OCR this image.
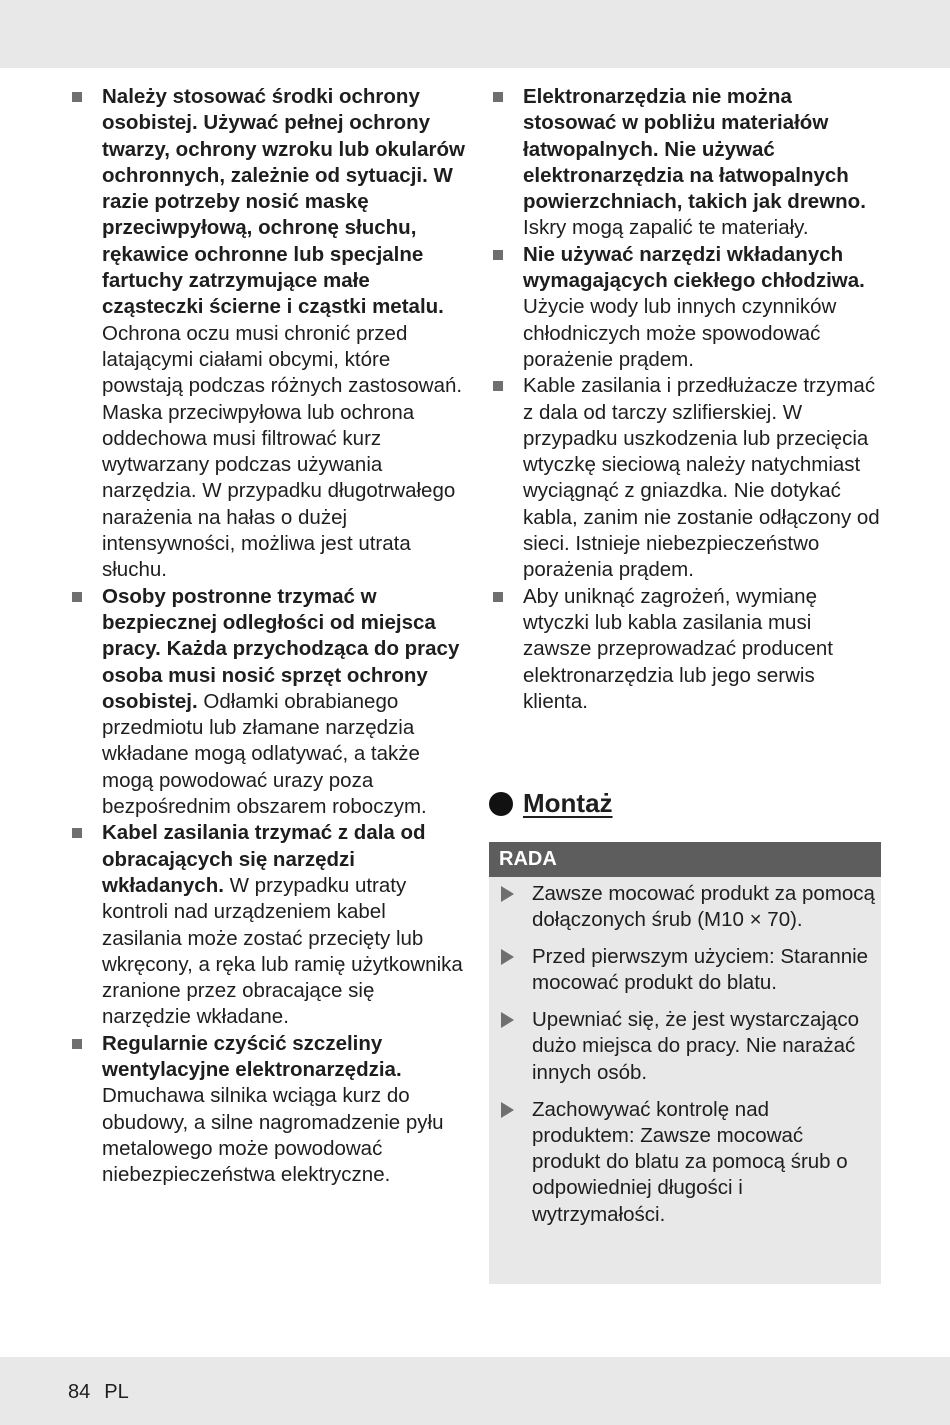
Należy stosować środki ochrony osobistej. Używać pełnej ochrony twarzy, ochrony wzroku lub okularów ochronnych, zależnie od sytuacji. W razie potrzeby nosić maskę przeciwpyłową, ochronę słuchu, rękawice ochronne lub specjalne fartuchy zatrzymujące małe cząsteczki ścierne i cząstki metalu. Ochrona oczu musi chronić przed latającymi ciałami obcymi, które powstają podczas różnych zastosowań. Maska przeciwpyłowa lub ochrona oddechowa musi filtrować kurz wytwarzany podczas używania narzędzia. W przypadku długotrwałego narażenia na hałas o dużej intensywności, możliwa jest utrata słuchu.
Osoby postronne trzymać w bezpiecznej odległości od miejsca pracy. Każda przychodząca do pracy osoba musi nosić sprzęt ochrony osobistej. Odłamki obrabianego przedmiotu lub złamane narzędzia wkładane mogą odlatywać, a także mogą powodować urazy poza bezpośrednim obszarem roboczym.
Kabel zasilania trzymać z dala od obracających się narzędzi wkładanych. W przypadku utraty kontroli nad urządzeniem kabel zasilania może zostać przecięty lub wkręcony, a ręka lub ramię użytkownika zranione przez obracające się narzędzie wkładane.
Regularnie czyścić szczeliny wentylacyjne elektronarzędzia. Dmuchawa silnika wciąga kurz do obudowy, a silne nagromadzenie pyłu metalowego może powodować niebezpieczeństwa elektryczne.
Elektronarzędzia nie można stosować w pobliżu materiałów łatwopalnych. Nie używać elektronarzędzia na łatwopalnych powierzchniach, takich jak drewno. Iskry mogą zapalić te materiały.
Nie używać narzędzi wkładanych wymagających ciekłego chłodziwa. Użycie wody lub innych czynników chłodniczych może spowodować porażenie prądem.
Kable zasilania i przedłużacze trzymać z dala od tarczy szlifierskiej. W przypadku uszkodzenia lub przecięcia wtyczkę sieciową należy natychmiast wyciągnąć z gniazdka. Nie dotykać kabla, zanim nie zostanie odłączony od sieci. Istnieje niebezpieczeństwo porażenia prądem.
Aby uniknąć zagrożeń, wymianę wtyczki lub kabla zasilania musi zawsze przeprowadzać producent elektronarzędzia lub jego serwis klienta.
Montaż
RADA
Zawsze mocować produkt za pomocą dołączonych śrub (M10 × 70).
Przed pierwszym użyciem: Starannie mocować produkt do blatu.
Upewniać się, że jest wystarczająco dużo miejsca do pracy. Nie narażać innych osób.
Zachowywać kontrolę nad produktem: Zawsze mocować produkt do blatu za pomocą śrub o odpowiedniej długości i wytrzymałości.
84 PL
